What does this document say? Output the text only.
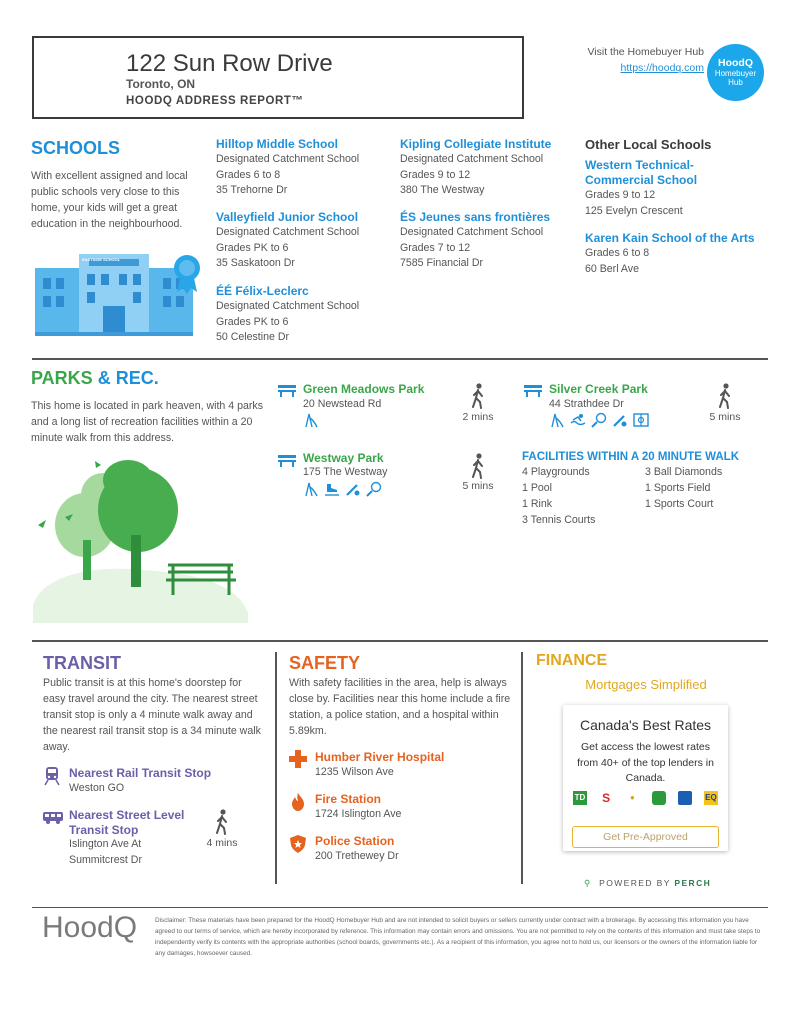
122 Sun Row Drive
Toronto, ON
HOODQ ADDRESS REPORT™
Visit the Homebuyer Hub
https://hoodq.com	HoodQ
Homebuyer
Hub
SCHOOLS
With excellent assigned and local public schools very close to this home, your kids will get a great education in the neighbourhood.
EASTSIDE SCHOOL
Hilltop Middle School
Designated Catchment School
Grades 6 to 8
35 Trehorne Dr
Valleyfield Junior School
Designated Catchment School
Grades PK to 6
35 Saskatoon Dr
ÉÉ Félix-Leclerc
Designated Catchment School
Grades PK to 6
50 Celestine Dr
Kipling Collegiate Institute
Designated Catchment School
Grades 9 to 12
380 The Westway
ÉS Jeunes sans frontières
Designated Catchment School
Grades 7 to 12
7585 Financial Dr
Other Local Schools
Western Technical-Commercial School
Grades 9 to 12
125 Evelyn Crescent
Karen Kain School of the Arts
Grades 6 to 8
60 Berl Ave
PARKS & REC.
This home is located in park heaven, with 4 parks and a long list of recreation facilities within a 20 minute walk from this address.
Green Meadows Park
20 Newstead Rd
2 mins
Westway Park
175 The Westway
5 mins
Silver Creek Park
44 Strathdee Dr
5 mins
FACILITIES WITHIN A 20 MINUTE WALK
4 Playgrounds
1 Pool
1 Rink
3 Tennis Courts
3 Ball Diamonds
1 Sports Field
1 Sports Court
TRANSIT
Public transit is at this home's doorstep for easy travel around the city. The nearest street transit stop is only a 4 minute walk away and the nearest rail transit stop is a 34 minute walk away.
Nearest Rail Transit Stop
Weston GO
Nearest Street Level Transit Stop
Islington Ave At Summitcrest Dr
4 mins
SAFETY
With safety facilities in the area, help is always close by. Facilities near this home include a fire station, a police station, and a hospital within 5.89km.
Humber River Hospital
1235 Wilson Ave
Fire Station
1724 Islington Ave
Police Station
200 Trethewey Dr
FINANCE
Mortgages Simplified
Canada's Best Rates
Get access the lowest rates from 40+ of the top lenders in Canada.
TD S	●	EQ
Get Pre-Approved
⚲ POWERED BY PERCH
HoodQ	Disclaimer: These materials have been prepared for the HoodQ Homebuyer Hub and are not intended to solicit buyers or sellers currently under contract with a brokerage. By accessing this information you have agreed to our terms of service, which are hereby incorporated by reference. This information may contain errors and omissions. You are not permitted to rely on the contents of this information and must take steps to independently verify its contents with the appropriate authorities (school boards, governments etc.). As a recipient of this information, you agree not to hold us, our licensors or the owners of the information liable for any damages, howsoever caused.
